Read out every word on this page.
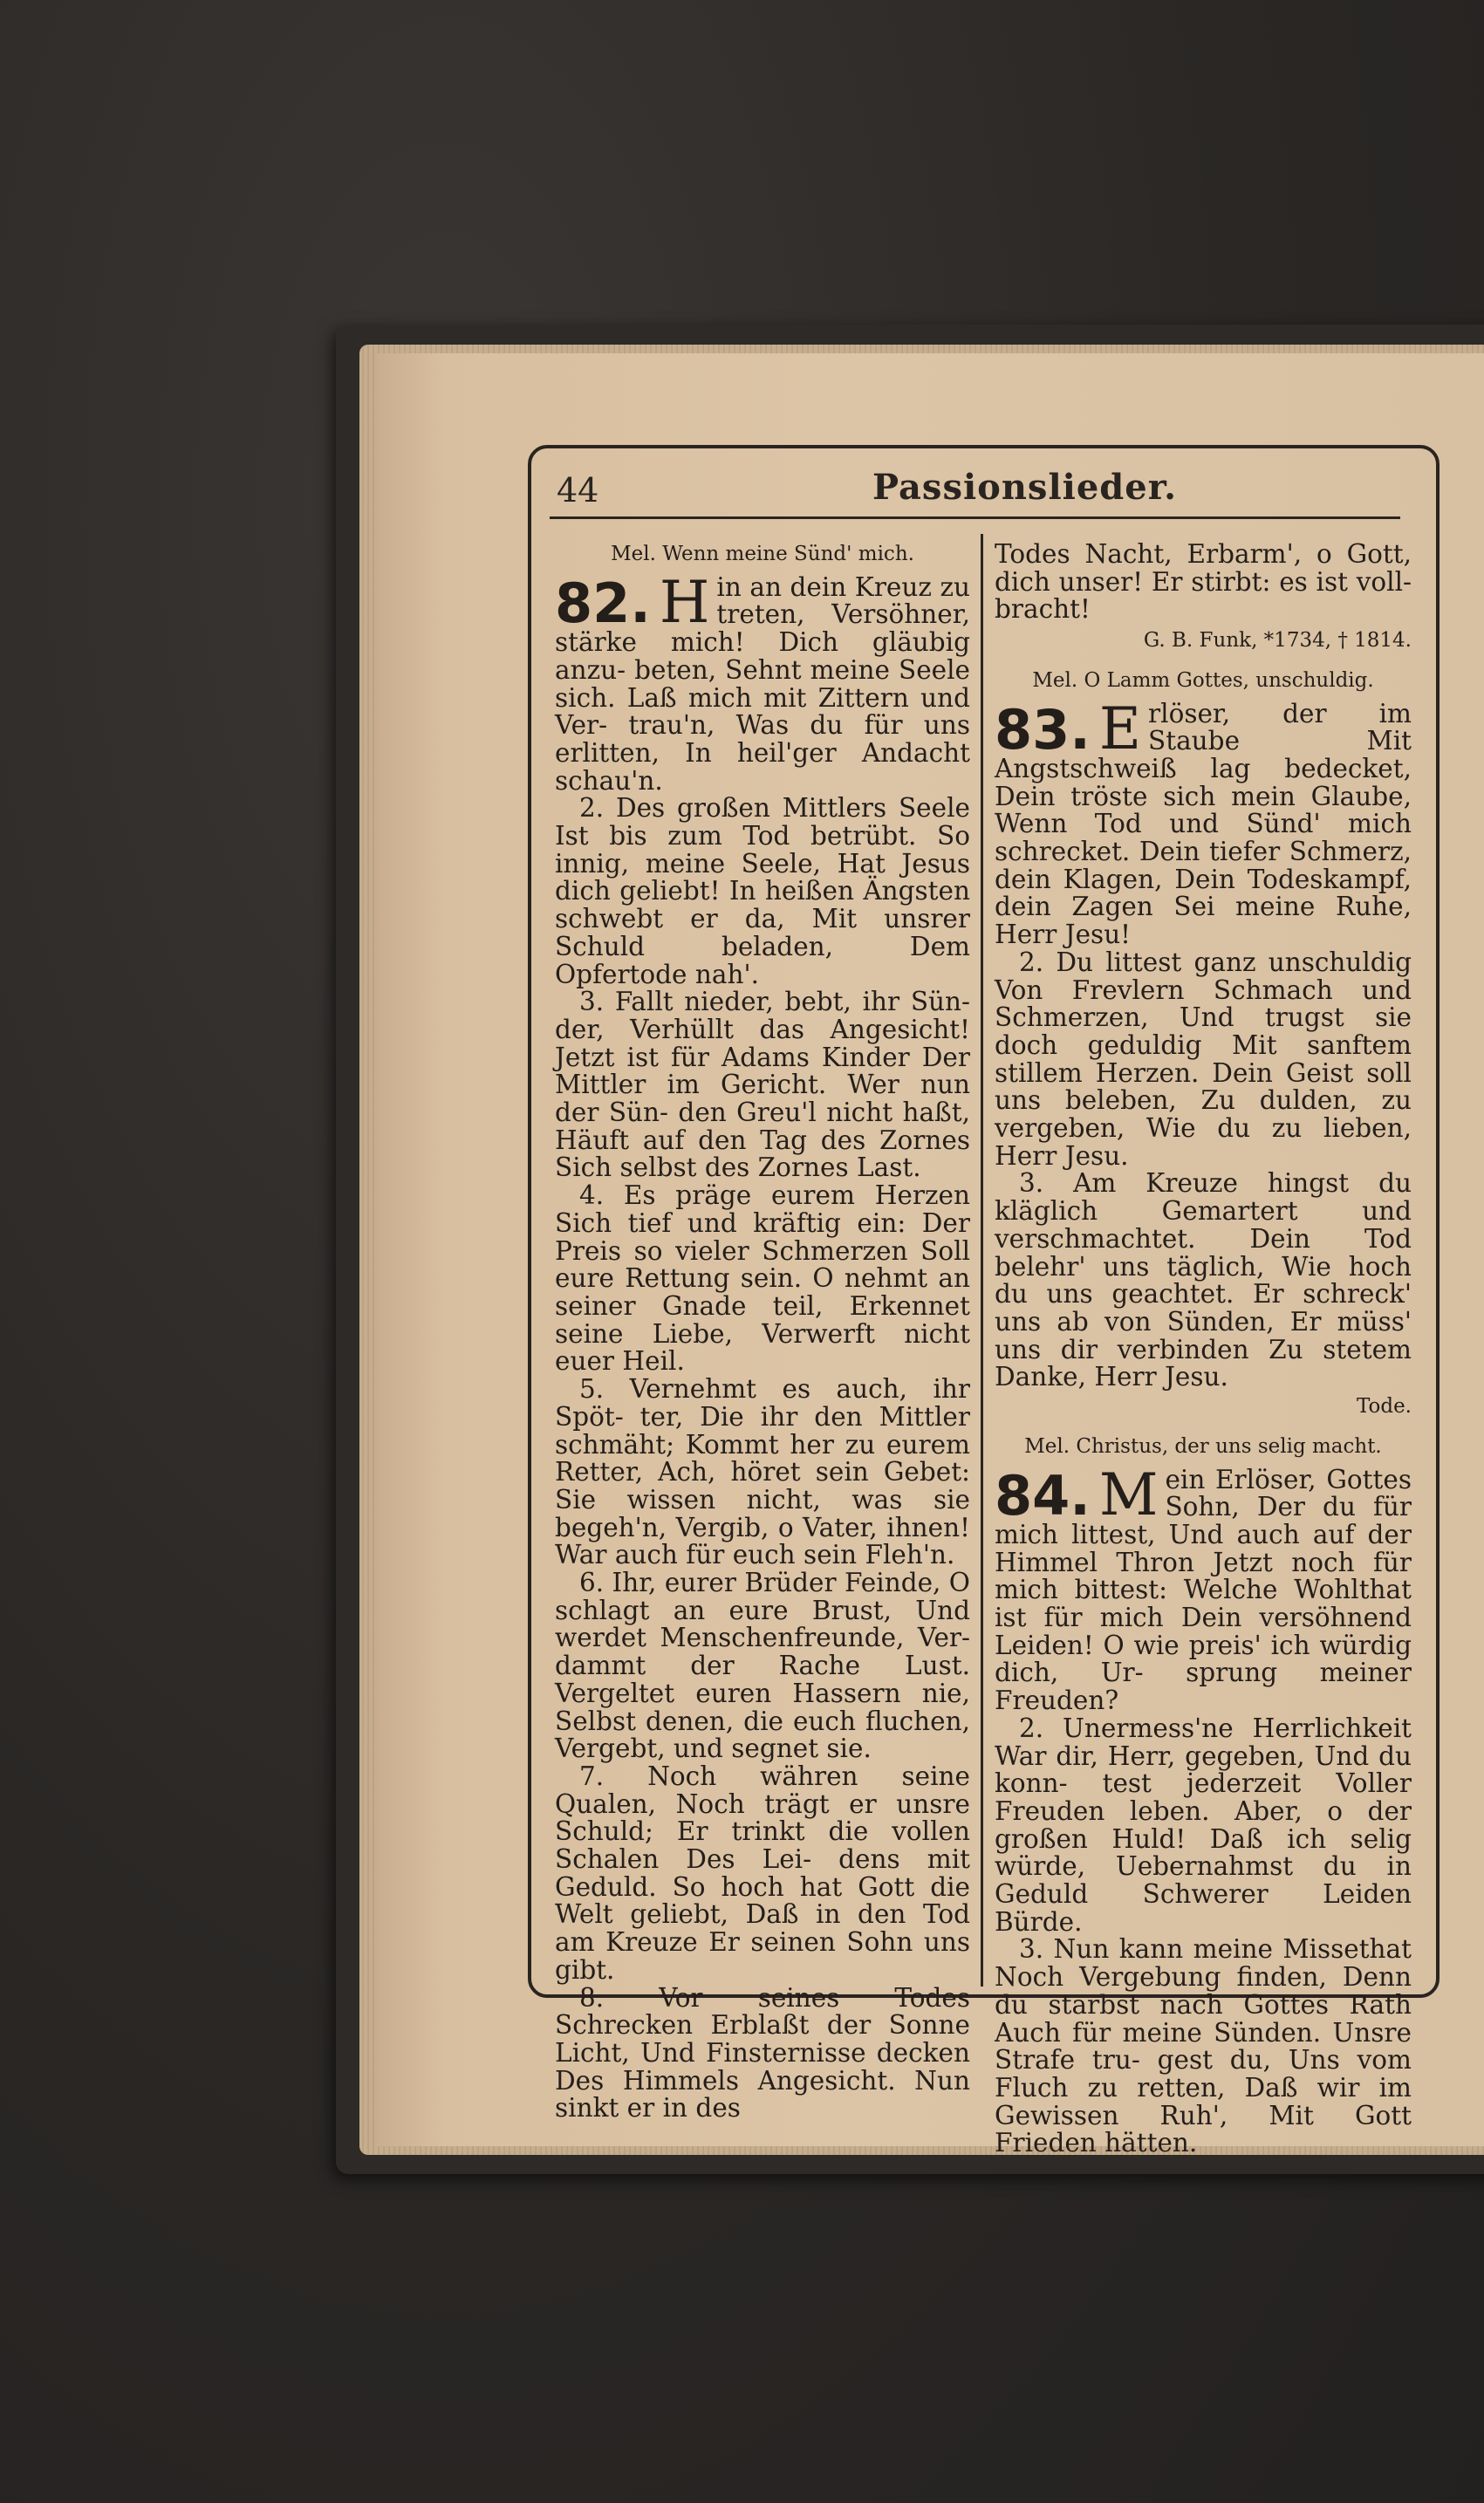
44	Passionslieder.

Mel. Wenn meine Sünd' mich.

82. H in an dein Kreuz zu treten, Versöhner, stärke mich! Dich gläubig anzu- beten, Sehnt meine Seele sich. Laß mich mit Zittern und Ver- trau'n, Was du für uns erlitten, In heil'ger Andacht schau'n.

2. Des großen Mittlers Seele Ist bis zum Tod betrübt. So innig, meine Seele, Hat Jesus dich geliebt! In heißen Ängsten schwebt er da, Mit unsrer Schuld beladen, Dem Opfertode nah'.

3. Fallt nieder, bebt, ihr Sün- der, Verhüllt das Angesicht! Jetzt ist für Adams Kinder Der Mittler im Gericht. Wer nun der Sün- den Greu'l nicht haßt, Häuft auf den Tag des Zornes Sich selbst des Zornes Last.

4. Es präge eurem Herzen Sich tief und kräftig ein: Der Preis so vieler Schmerzen Soll eure Rettung sein. O nehmt an seiner Gnade teil, Erkennet seine Liebe, Verwerft nicht euer Heil.

5. Vernehmt es auch, ihr Spöt- ter, Die ihr den Mittler schmäht; Kommt her zu eurem Retter, Ach, höret sein Gebet: Sie wissen nicht, was sie begeh'n, Vergib, o Vater, ihnen! War auch für euch sein Fleh'n.

6. Ihr, eurer Brüder Feinde, O schlagt an eure Brust, Und werdet Menschenfreunde, Ver- dammt der Rache Lust. Vergeltet euren Hassern nie, Selbst denen, die euch fluchen, Vergebt, und segnet sie.

7. Noch währen seine Qualen, Noch trägt er unsre Schuld; Er trinkt die vollen Schalen Des Lei- dens mit Geduld. So hoch hat Gott die Welt geliebt, Daß in den Tod am Kreuze Er seinen Sohn uns gibt.

8. Vor seines Todes Schrecken Erblaßt der Sonne Licht, Und Finsternisse decken Des Himmels Angesicht. Nun sinkt er in des

Todes Nacht, Erbarm', o Gott, dich unser! Er stirbt: es ist voll- bracht!

G. B. Funk, *1734, † 1814.

Mel. O Lamm Gottes, unschuldig.

83. E rlöser, der im Staube Mit Angstschweiß lag bedecket, Dein tröste sich mein Glaube, Wenn Tod und Sünd' mich schrecket. Dein tiefer Schmerz, dein Klagen, Dein Todeskampf, dein Zagen Sei meine Ruhe, Herr Jesu!

2. Du littest ganz unschuldig Von Frevlern Schmach und Schmerzen, Und trugst sie doch geduldig Mit sanftem stillem Herzen. Dein Geist soll uns beleben, Zu dulden, zu vergeben, Wie du zu lieben, Herr Jesu.

3. Am Kreuze hingst du kläglich Gemartert und verschmachtet. Dein Tod belehr' uns täglich, Wie hoch du uns geachtet. Er schreck' uns ab von Sünden, Er müss' uns dir verbinden Zu stetem Danke, Herr Jesu.

Tode.

Mel. Christus, der uns selig macht.

84. M ein Erlöser, Gottes Sohn, Der du für mich littest, Und auch auf der Himmel Thron Jetzt noch für mich bittest: Welche Wohlthat ist für mich Dein versöhnend Leiden! O wie preis' ich würdig dich, Ur- sprung meiner Freuden?

2. Unermess'ne Herrlichkeit War dir, Herr, gegeben, Und du konn- test jederzeit Voller Freuden leben. Aber, o der großen Huld! Daß ich selig würde, Uebernahmst du in Geduld Schwerer Leiden Bürde.

3. Nun kann meine Missethat Noch Vergebung finden, Denn du starbst nach Gottes Rath Auch für meine Sünden. Unsre Strafe tru- gest du, Uns vom Fluch zu retten, Daß wir im Gewissen Ruh', Mit Gott Frieden hätten.
